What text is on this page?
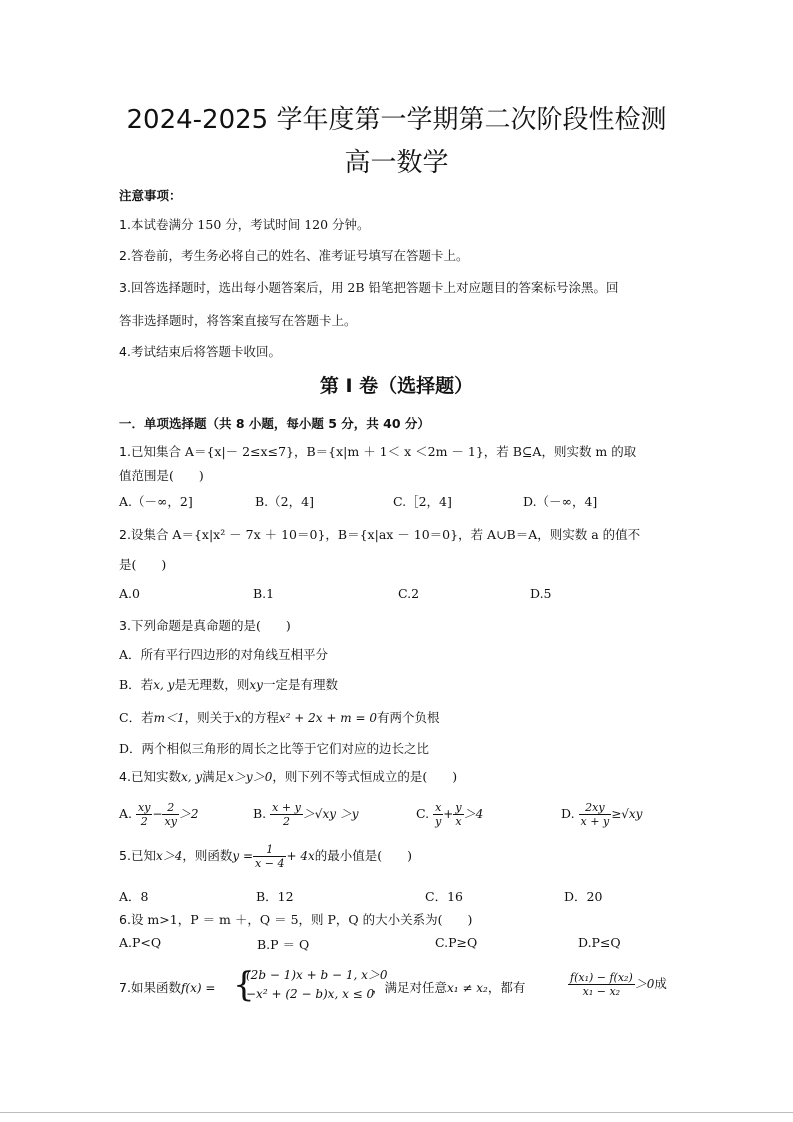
2024-2025 学年度第一学期第二次阶段性检测
高一数学
注意事项：
1.本试卷满分 150 分，考试时间 120 分钟。
2.答卷前，考生务必将自己的姓名、准考证号填写在答题卡上。
3.回答选择题时，选出每小题答案后，用 2B 铅笔把答题卡上对应题目的答案标号涂黑。回
答非选择题时，将答案直接写在答题卡上。
4.考试结束后将答题卡收回。
第 Ⅰ 卷（选择题）
一．单项选择题（共 8 小题，每小题 5 分，共 40 分）
1.已知集合 A＝{x|－ 2≤x≤7}，B＝{x|m ＋ 1＜ x ＜2m － 1}，若 B⊆A，则实数 m 的取
值范围是(　　)
A.（－∞，2]	B.（2，4]	C.［2，4]	D.（－∞，4]
2.设集合 A＝{x|x² － 7x ＋ 10＝0}，B＝{x|ax － 10＝0}，若 A∪B＝A，则实数 a 的值不
是(　　)
A.0	B.1	C.2	D.5
3.下列命题是真命题的是(　　)
A．所有平行四边形的对角线互相平分
B．若x, y是无理数，则xy一定是有理数
C．若m＜1，则关于x的方程x² + 2x + m = 0有两个负根
D．两个相似三角形的周长之比等于它们对应的边长之比
4.已知实数x, y满足x＞y＞0，则下列不等式恒成立的是(　　)
A. $\frac{xy}{2} - \frac{2}{xy} >2$	B. $\frac{x + y}{2} >√xy >y$	C. $\frac{x}{y} + \frac{y}{x} >4$	D. $\frac{2xy}{x + y} \ge√xy$
5.已知x＞4，则函数$y = \frac{1}{x - 4} + 4x$的最小值是(　　)
A．8	B．12	C．16	D．20
6.设 m>1，P ＝ m ＋，Q ＝ 5，则 P，Q 的大小关系为(　　)
A.P<Q	B.P ＝ Q	C.P≥Q	D.P≤Q
7.如果函数f(x) = {
(2b − 1)x + b − 1, x＞0
−x² + (2 − b)x, x ≤ 0
，满足对任意x₁ ≠ x₂，都有	$\frac{\text{f(x₁) − f(x₂)}}{\text{x₁ − x₂}} >0$成
